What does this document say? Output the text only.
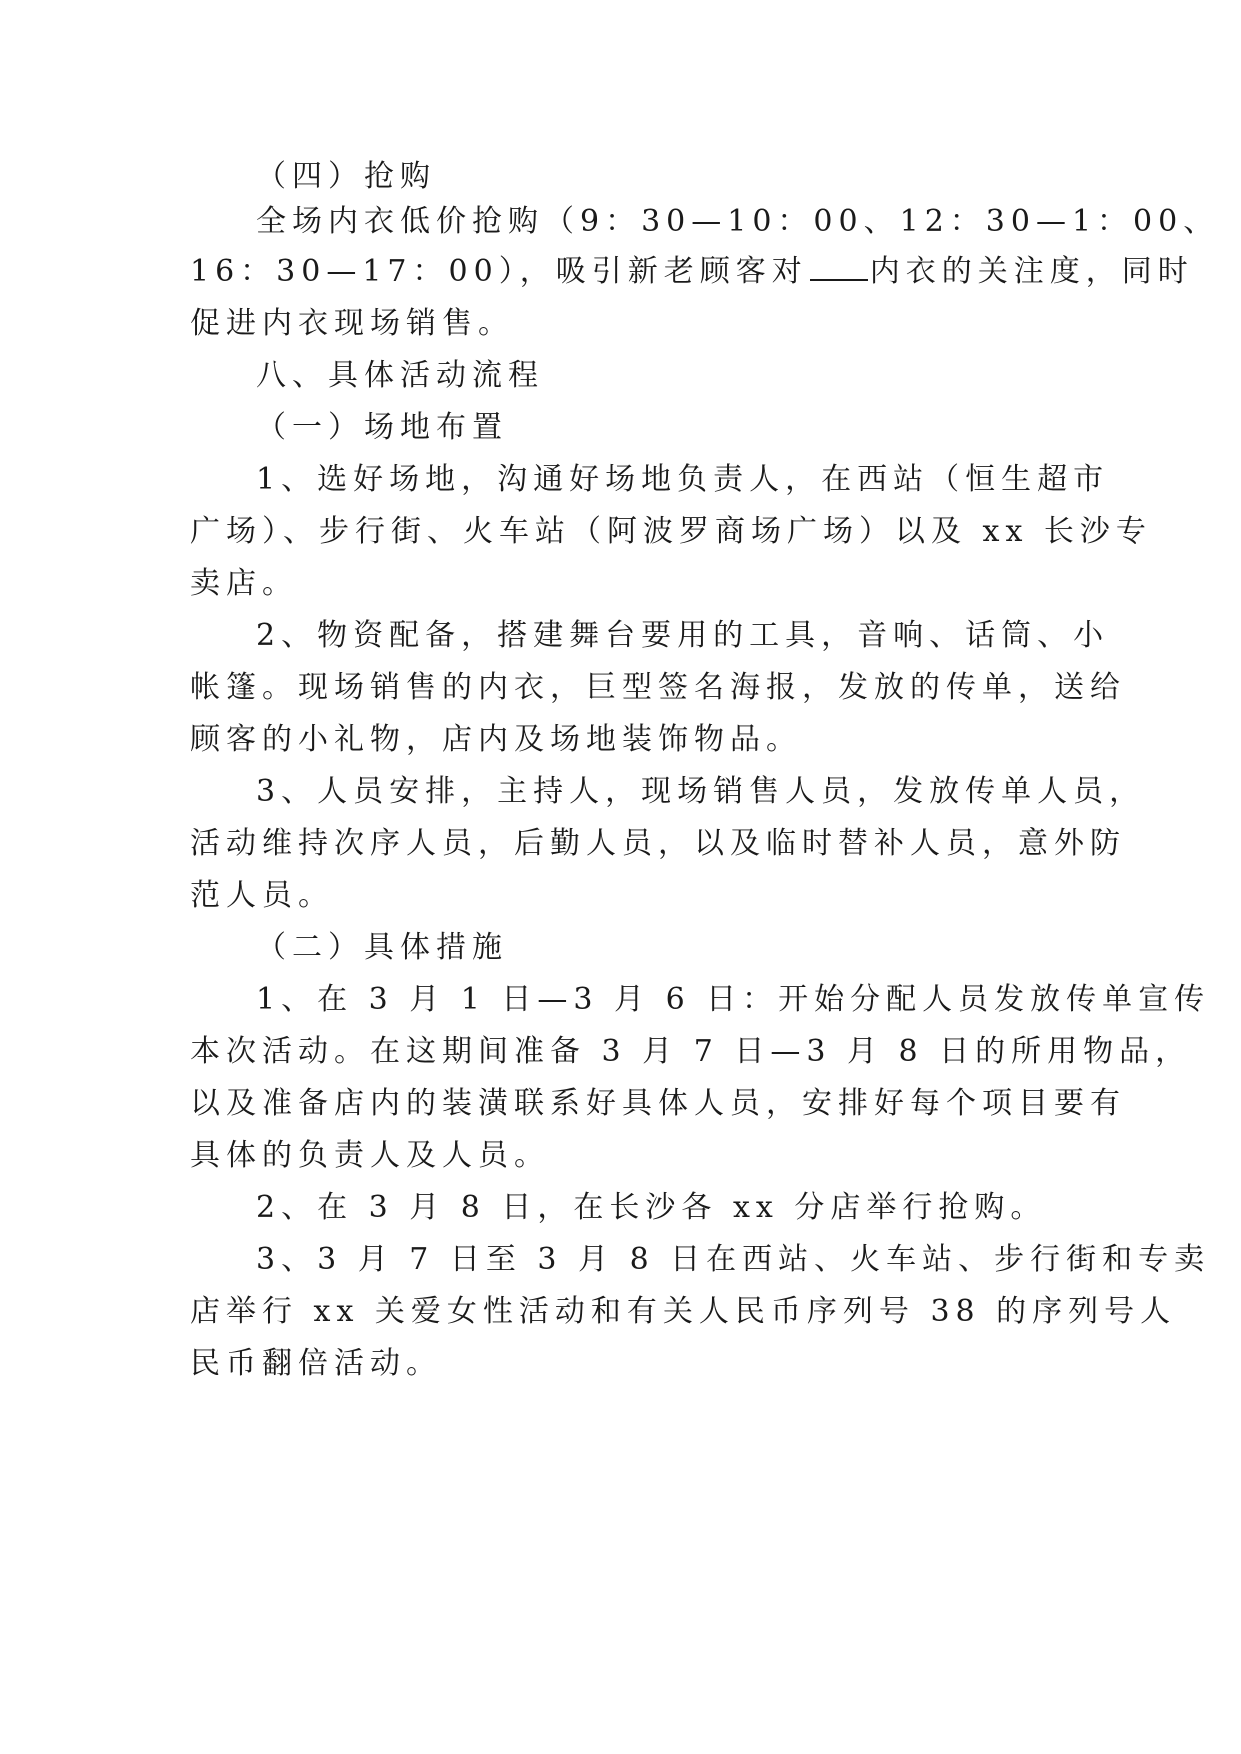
（四）抢购

全场内衣低价抢购（9：30—10：00、12：30—1：00、

16：30—17：00），吸引新老顾客对 内衣的关注度，同时

促进内衣现场销售。

八、具体活动流程

（一）场地布置

1、选好场地，沟通好场地负责人，在西站（恒生超市

广场）、步行街、火车站（阿波罗商场广场）以及 xx 长沙专

卖店。

2、物资配备，搭建舞台要用的工具，音响、话筒、小

帐篷。现场销售的内衣，巨型签名海报，发放的传单，送给

顾客的小礼物，店内及场地装饰物品。

3、人员安排，主持人，现场销售人员，发放传单人员，

活动维持次序人员，后勤人员，以及临时替补人员，意外防

范人员。

（二）具体措施

1、在 3 月 1 日—3 月 6 日：开始分配人员发放传单宣传

本次活动。在这期间准备 3 月 7 日—3 月 8 日的所用物品，

以及准备店内的装潢联系好具体人员，安排好每个项目要有

具体的负责人及人员。

2、在 3 月 8 日，在长沙各 xx 分店举行抢购。

3、3 月 7 日至 3 月 8 日在西站、火车站、步行街和专卖

店举行 xx 关爱女性活动和有关人民币序列号 38 的序列号人

民币翻倍活动。
